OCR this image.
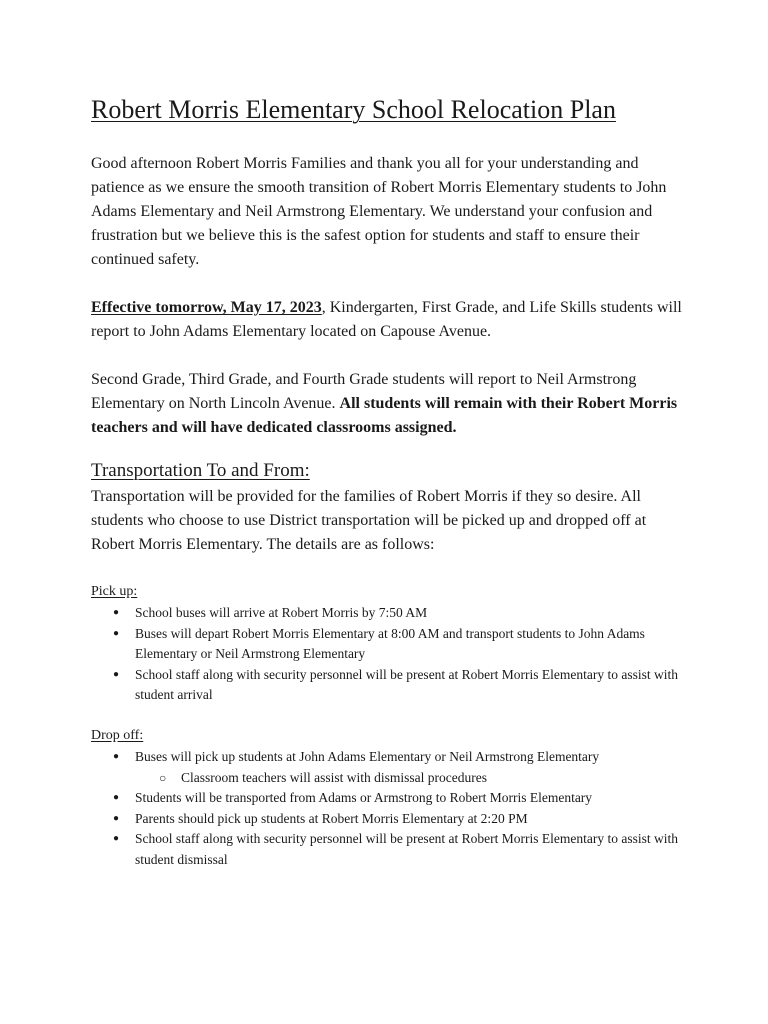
Robert Morris Elementary School Relocation Plan

Good afternoon Robert Morris Families and thank you all for your understanding and patience as we ensure the smooth transition of Robert Morris Elementary students to John Adams Elementary and Neil Armstrong Elementary. We understand your confusion and frustration but we believe this is the safest option for students and staff to ensure their continued safety.

Effective tomorrow, May 17, 2023, Kindergarten, First Grade, and Life Skills students will report to John Adams Elementary located on Capouse Avenue.

Second Grade, Third Grade, and Fourth Grade students will report to Neil Armstrong Elementary on North Lincoln Avenue. All students will remain with their Robert Morris teachers and will have dedicated classrooms assigned.

Transportation To and From:

Transportation will be provided for the families of Robert Morris if they so desire. All students who choose to use District transportation will be picked up and dropped off at Robert Morris Elementary. The details are as follows:

Pick up:

● School buses will arrive at Robert Morris by 7:50 AM
● Buses will depart Robert Morris Elementary at 8:00 AM and transport students to John Adams Elementary or Neil Armstrong Elementary
● School staff along with security personnel will be present at Robert Morris Elementary to assist with student arrival

Drop off:

● Buses will pick up students at John Adams Elementary or Neil Armstrong Elementary
○ Classroom teachers will assist with dismissal procedures
● Students will be transported from Adams or Armstrong to Robert Morris Elementary
● Parents should pick up students at Robert Morris Elementary at 2:20 PM
● School staff along with security personnel will be present at Robert Morris Elementary to assist with student dismissal
